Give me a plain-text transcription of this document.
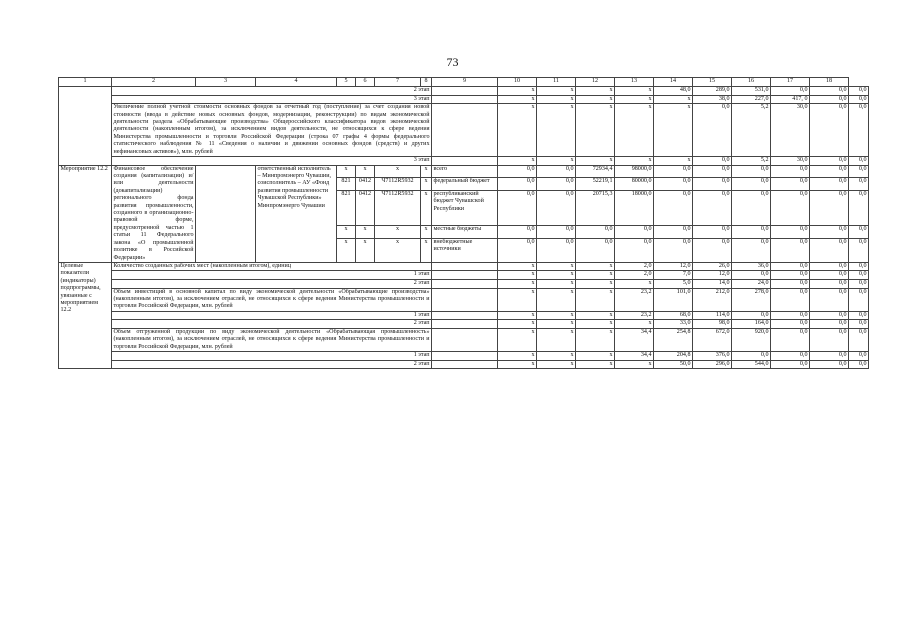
73
1	2	3	4	5	6	7	8	9	10	11	12	13	14	15	16	17	18	
	2 этап								x	x	x	x	48,0	289,0	531,0	0,0	0,0	0,0
	3 этап								x	x	x	x	x	38,0	227,0	417, 0	0,0	0,0
	Увеличение полной учетной стоимости основных фондов за отчетный год (поступление) за счет создания новой стоимости (ввода в действие новых основных фондов, модернизации, реконструкции) по видам экономической деятельности раздела «Обрабатывающие производства» Общероссийского классификатора видов экономической деятельности (накопленным итогом), за исключением видов деятельности, не относящихся к сфере ведения Министерства промышленности и торговли Российской Федерации (строка 07 графы 4 формы федерального статистического наблюдения № 11 «Сведения о наличии и движении основных фондов (средств) и других нефинансовых активов»), млн. рублей								x	x	x	x	x	0,0	5,2	30,0	0,0	0,0
	3 этап								x	x	x	x	x	0,0	5,2	30,0	0,0	0,0
Мероприятие 12.2	Финансовое обеспечение создания (капитализации) и/или деятельности (докапитализации) регионального фонда развития промышленности, созданного в организационно-правовой форме, предусмотренной частью 1 статьи 11 Федерального закона «О промышленной политике в Российской Федерации»		ответственный исполнитель – Минпромэнерго Чувашии, соисполнитель – АУ «Фонд развития промышленности Чувашской Республики» Минпромэнерго Чувашии	x	x	x	x	всего	0,0	0,0	72934,4	98000,0	0,0	0,0	0,0	0,0	0,0	0,0
				821	0412	Ч7112R5932	x	федеральный бюджет	0,0	0,0	52219,1	80000,0	0,0	0,0	0,0	0,0	0,0	0,0
				821	0412	Ч7112R5932	x	республиканский бюджет Чувашской Республики	0,0	0,0	20715,3	18000,0	0,0	0,0	0,0	0,0	0,0	0,0
				x	x	x	x	местные бюджеты	0,0	0,0	0,0	0,0	0,0	0,0	0,0	0,0	0,0	0,0
				x	x	x	x	внебюджетные источники	0,0	0,0	0,0	0,0	0,0	0,0	0,0	0,0	0,0	0,0
Целевые показатели (индикаторы) подпрограммы, увязанные с мероприятием 12.2	Количество созданных рабочих мест (накопленным итогом), единиц								x	x	x	2,0	12,0	26,0	36,0	0,0	0,0	0,0
	1 этап								x	x	x	2,0	7,0	12,0	0,0	0,0	0,0	0,0
	2 этап								x	x	x	x	5,0	14,0	24,0	0,0	0,0	0,0
	Объем инвестиций в основной капитал по виду экономической деятельности «Обрабатывающие производства» (накопленным итогом), за исключением отраслей, не относящихся к сфере ведения Министерства промышленности и торговли Российской Федерации, млн. рублей								x	x	x	23,2	101,0	212,0	278,0	0,0	0,0	0,0
	1 этап								x	x	x	23,2	68,0	114,0	0,0	0,0	0,0	0,0
	2 этап								x	x	x	x	33,0	98,0	164,0	0,0	0,0	0,0
	Объем отгруженной продукции по виду экономической деятельности «Обрабатывающая промышленность» (накопленным итогом), за исключением отраслей, не относящихся к сфере ведения Министерства промышленности и торговли Российской Федерации, млн. рублей								x	x	x	34,4	254,8	672,0	920,0	0,0	0,0	0,0
	1 этап								x	x	x	34,4	204,8	376,0	0,0	0,0	0,0	0,0
	2 этап								x	x	x	x	50,0	296,0	544,0	0,0	0,0	0,0
